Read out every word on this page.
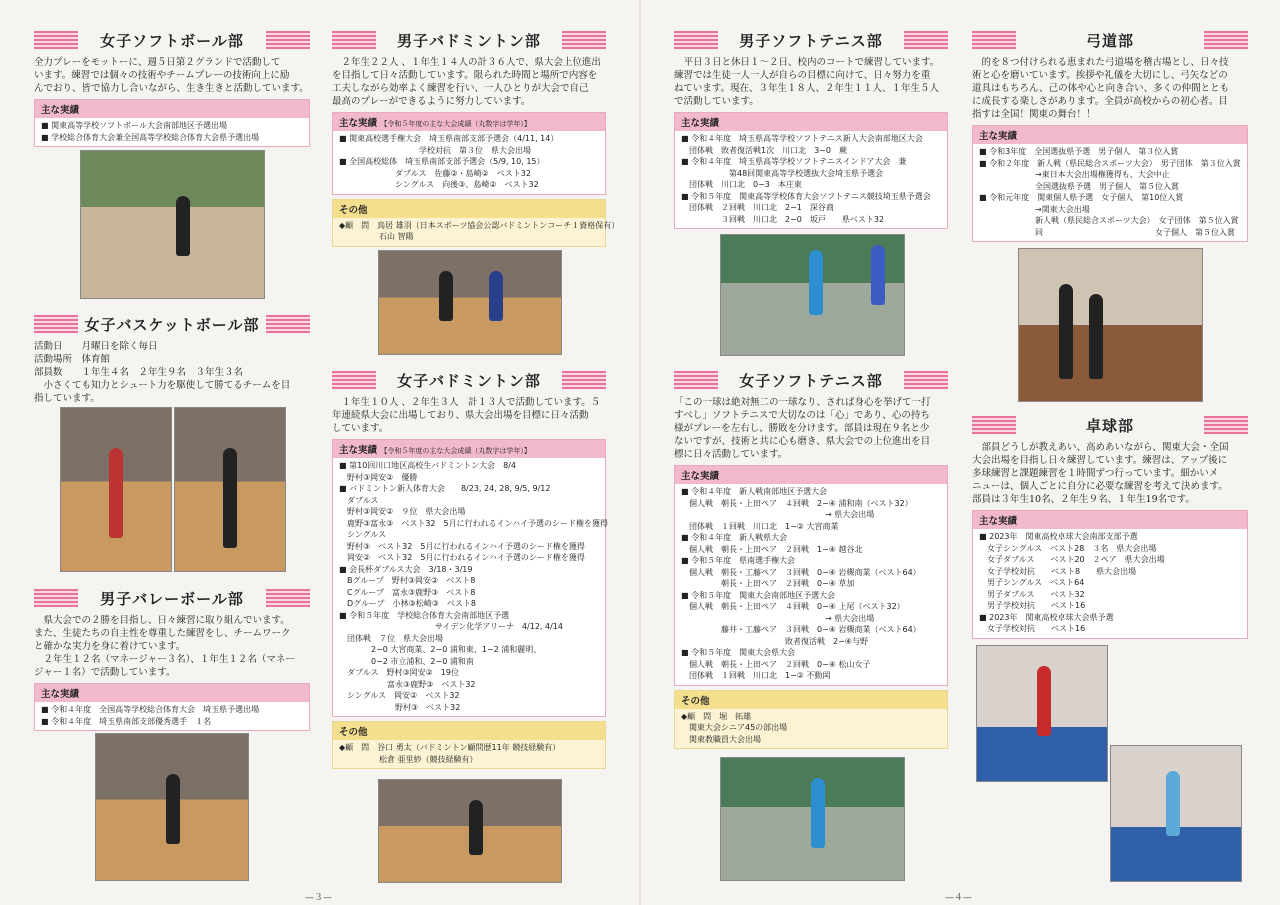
女子ソフトボール部
全力プレーをモットーに、週５日第２グランドで活動して
います。練習では個々の技術やチームプレーの技術向上に励
んでおり、皆で協力し合いながら、生き生きと活動しています。
主な実績
■ 関東高等学校ソフトボール大会南部地区予選出場
■ 学校総合体育大会兼全国高等学校総合体育大会県予選出場
女子バスケットボール部
活動日　　月曜日を除く毎日
活動場所　体育館
部員数　　１年生４名　２年生９名　３年生３名
　小さくても知力とシュート力を駆使して勝てるチームを目
指しています。
男子バレーボール部
　県大会での２勝を目指し、日々練習に取り組んでいます。
また、生徒たちの自主性を尊重した練習をし、チームワーク
と確かな実力を身に着けています。
　２年生１２名（マネージャー３名）、１年生１２名（マネー
ジャー１名）で活動しています。
主な実績
■ 令和４年度　全国高等学校総合体育大会　埼玉県予選出場
■ 令和４年度　埼玉県南部支部優秀選手　１名
男子バドミントン部
　２年生２２人 、１年生１４人の計３６人で、県大会上位進出
を目指して日々活動しています。限られた時間と場所で内容を
工夫しながら効率よく練習を行い、一人ひとりが大会で自己
最高のプレーができるように努力しています。
主な実績 【令和５年度の主な大会成績（丸数字は学年）】
■ 関東高校選手権大会　埼玉県南部支部予選会（4/11, 14）
　　　　　　　　　　学校対抗　第３位　県大会出場
■ 全国高校総体　埼玉県南部支部予選会（5/9, 10, 15）
　　　　　　　ダブルス　佐藤②・島崎②　ベスト32
　　　　　　　シングルス　向後③、島崎②　ベスト32
その他
◆顧　問　鳥居 雄羽（日本スポーツ協会公認バドミントンコーチ１資格保有）
　　　　　石山 智陽
女子バドミントン部
　１年生１０人 、２年生３人　計１３人で活動しています。５
年連続県大会に出場しており、県大会出場を目標に日々活動
しています。
主な実績 【令和５年度の主な大会成績（丸数字は学年）】
■ 第10回川口地区高校生バドミントン大会　8/4
　野村③岡安②　優勝
■ バドミントン新人体育大会　　8/23, 24, 28, 9/5, 9/12
　ダブルス
　野村③岡安②　９位　県大会出場
　鹿野③富永③　ベスト32　5月に行われるインハイ予選のシード権を獲得
　シングルス
　野村③　ベスト32　5月に行われるインハイ予選のシード権を獲得
　岡安②　ベスト32　5月に行われるインハイ予選のシード権を獲得
■ 会長杯ダブルス大会　3/18・3/19
　Bグループ　野村③岡安②　ベスト8
　Cグループ　富永③鹿野③　ベスト8
　Dグループ　小林③松崎③　ベスト8
■ 令和５年度　学校総合体育大会南部地区予選
　　　　　　　　　　　　サイデン化学アリーナ　4/12, 4/14
　団体戦　７位　県大会出場
　　　　2−0 大宮商業、2−0 浦和東、1−2 浦和麗明、
　　　　0−2 市立浦和、2−0 浦和南
　ダブルス　野村③岡安②　19位
　　　　　　富永③鹿野③　ベスト32
　シングルス　岡安②　ベスト32
　　　　　　　野村③　ベスト32
その他
◆顧　問　谷口 勇太（バドミントン顧問歴11年 競技経験有）
　　　　　松倉 亜里紗（競技経験有）
—３—
男子ソフトテニス部
　平日３日と休日１〜２日、校内のコートで練習しています。
練習では生徒一人一人が自らの目標に向けて、日々努力を重
ねています。現在、３年生１８人、２年生１１人、１年生５人
で活動しています。
主な実績
■ 令和４年度　埼玉県高等学校ソフトテニス新人大会南部地区大会
　団体戦　敗者復活戦1次　川口北　3−0　蕨
■ 令和４年度　埼玉県高等学校ソフトテニスインドア大会　兼
　　　　　　第48回関東高等学校選抜大会埼玉県予選会
　団体戦　川口北　0−3　本庄東
■ 令和５年度　関東高等学校体育大会ソフトテニス競技埼玉県予選会
　団体戦　２回戦　川口北　2−1　深谷商
　　　　　３回戦　川口北　2−0　坂戸　　県ベスト32
女子ソフトテニス部
「この一球は絶対無二の一球なり、されば身心を挙げて一打
すべし」ソフトテニスで大切なのは「心」であり、心の持ち
様がプレーを左右し、勝敗を分けます。部員は現在９名と少
ないですが、技術と共に心も磨き、県大会での上位進出を目
標に日々活動しています。
主な実績
■ 令和４年度　新人戦南部地区予選大会
　個人戦　朝長・上田ペア　４回戦　2−④ 浦和南（ベスト32）
　　　　　　　　　　　　　　　　　　→ 県大会出場
　団体戦　１回戦　川口北　1−② 大宮商業
■ 令和４年度　新人戦県大会
　個人戦　朝長・上田ペア　２回戦　1−④ 越谷北
■ 令和５年度　県南選手権大会
　個人戦　朝長・工藤ペア　３回戦　0−④ 岩槻商業（ベスト64）
　　　　　朝長・上田ペア　２回戦　0−④ 草加
■ 令和５年度　関東大会南部地区予選大会
　個人戦　朝長・上田ペア　４回戦　0−④ 上尾（ベスト32）
　　　　　　　　　　　　　　　　　　→ 県大会出場
　　　　　藤井・工藤ペア　３回戦　0−④ 岩槻商業（ベスト64）
　　　　　　　　　　　　　敗者復活戦　2−④与野
■ 令和５年度　関東大会県大会
　個人戦　朝長・上田ペア　２回戦　0−④ 松山女子
　団体戦　１回戦　川口北　1−② 不動岡
その他
◆顧　問　堀　拓雄
　関東大会シニア45の部出場
　関東教職員大会出場
—４—
弓道部
　的を８つ付けられる恵まれた弓道場を稽古場とし、日々技
術と心を磨いています。挨拶や礼儀を大切にし、弓矢などの
道具はもちろん、己の体や心と向き合い、多くの仲間ととも
に成長する楽しさがあります。全員が高校からの初心者。目
指すは全国！関東の舞台！！
主な実績
■ 令和3年度　全国選抜県予選　男子個人　第３位入賞
■ 令和２年度　新人戦（県民総合スポーツ大会）　男子団体　第３位入賞
　　　　　　　→東日本大会出場権獲得も、大会中止
　　　　　　　全国選抜県予選　男子個人　第５位入賞
■ 令和元年度　関東個人県予選　女子個人　第10位入賞
　　　　　　　→関東大会出場
　　　　　　　新人戦（県民総合スポーツ大会）　女子団体　第５位入賞
　　　　　　　同　　　　　　　　　　　　　　女子個人　第５位入賞
卓球部
　部員どうしが教えあい、高めあいながら、関東大会・全国
大会出場を目指し日々練習しています。練習は、アップ後に
多球練習と課題練習を１時間ずつ行っています。細かいメ
ニューは、個人ごとに自分に必要な練習を考えて決めます。
部員は３年生10名、２年生９名、１年生19名です。
主な実績
■ 2023年　関東高校卓球大会南部支部予選
　女子シングルス　ベスト28　３名　県大会出場
　女子ダブルス　　ベスト20　２ペア　県大会出場
　女子学校対抗　　ベスト8　　県大会出場
　男子シングルス　ベスト64
　男子ダブルス　　ベスト32
　男子学校対抗　　ベスト16
■ 2023年　関東高校卓球大会県予選
　女子学校対抗　　ベスト16
